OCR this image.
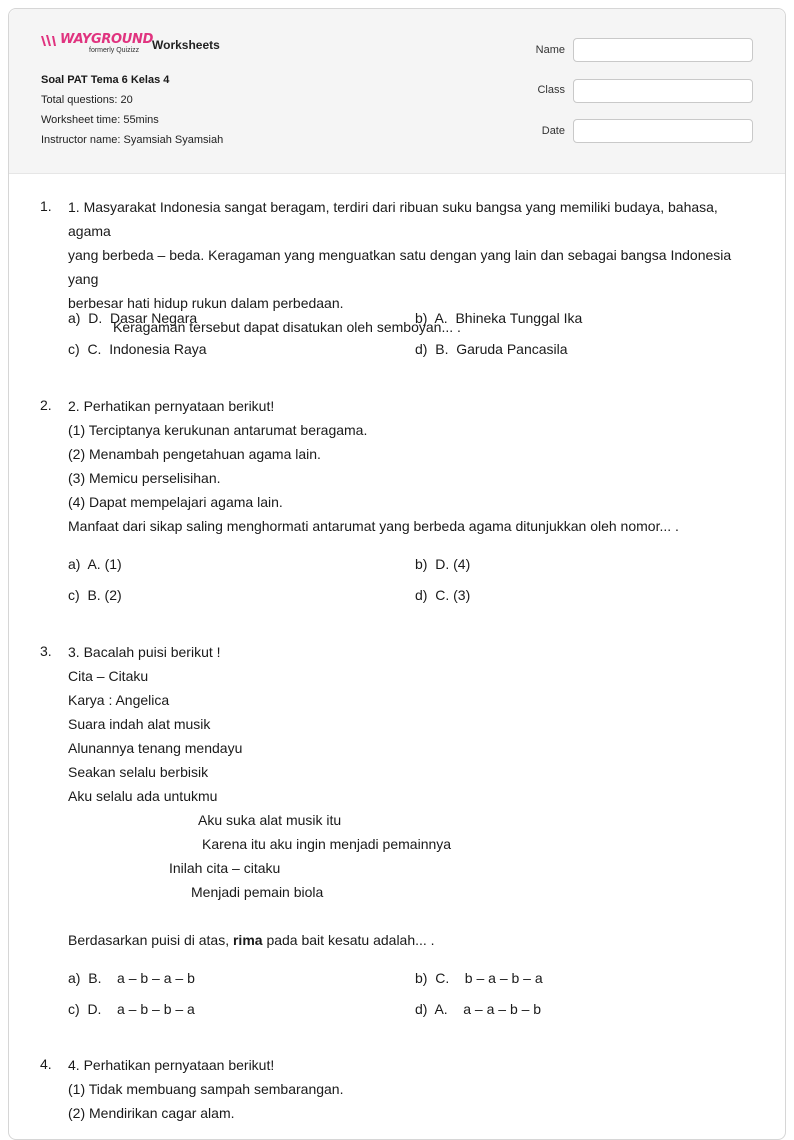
WAYGROUND
formerly Quizizz Worksheets
Soal PAT Tema 6 Kelas 4
Total questions: 20
Worksheet time: 55mins
Instructor name: Syamsiah Syamsiah
Name
Class
Date
1. 1. Masyarakat Indonesia sangat beragam, terdiri dari ribuan suku bangsa yang memiliki budaya, bahasa, agama

yang berbeda – beda. Keragaman yang menguatkan satu dengan yang lain dan sebagai bangsa Indonesia yang

berbesar hati hidup rukun dalam perbedaan.

Keragaman tersebut dapat disatukan oleh semboyan... .

a)  D.  Dasar Negara	b)  A.  Bhineka Tunggal Ika
c)  C.  Indonesia Raya	d)  B.  Garuda Pancasila
2. 2. Perhatikan pernyataan berikut!

(1) Terciptanya kerukunan antarumat beragama.

(2) Menambah pengetahuan agama lain.

(3) Memicu perselisihan.

(4) Dapat mempelajari agama lain.

Manfaat dari sikap saling menghormati antarumat yang berbeda agama ditunjukkan oleh nomor... .

a)  A. (1)	b)  D. (4)
c)  B. (2)	d)  C. (3)
3. 3. Bacalah puisi berikut !

Cita – Citaku

Karya : Angelica

Suara indah alat musik

Alunannya tenang mendayu

Seakan selalu berbisik

Aku selalu ada untukmu

Aku suka alat musik itu

Karena itu aku ingin menjadi pemainnya

Inilah cita – citaku

Menjadi pemain biola

Berdasarkan puisi di atas, rima pada bait kesatu adalah... .

a)  B.    a – b – a – b	b)  C.    b – a – b – a
c)  D.    a – b – b – a	d)  A.    a – a – b – b
4. 4. Perhatikan pernyataan berikut!

(1) Tidak membuang sampah sembarangan.

(2) Mendirikan cagar alam.
